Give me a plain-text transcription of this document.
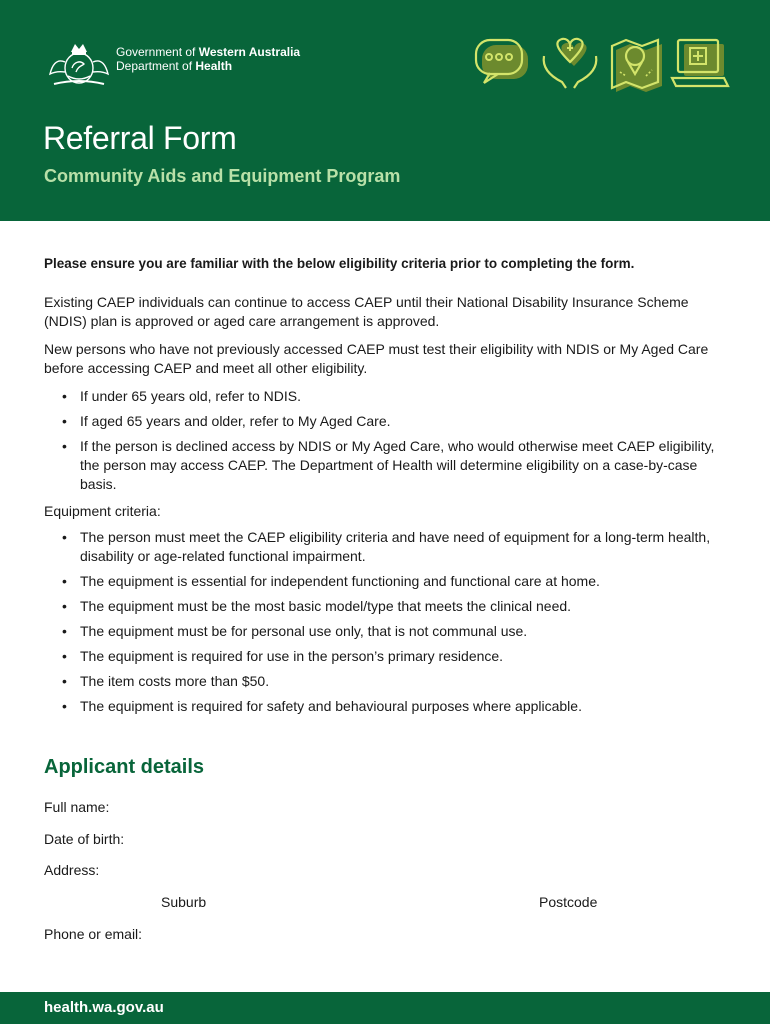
Government of Western Australia
Department of Health
Referral Form
Community Aids and Equipment Program

Please ensure you are familiar with the below eligibility criteria prior to completing the form.

Existing CAEP individuals can continue to access CAEP until their National Disability Insurance Scheme (NDIS) plan is approved or aged care arrangement is approved.

New persons who have not previously accessed CAEP must test their eligibility with NDIS or My Aged Care before accessing CAEP and meet all other eligibility.

• If under 65 years old, refer to NDIS.
• If aged 65 years and older, refer to My Aged Care.
• If the person is declined access by NDIS or My Aged Care, who would otherwise meet CAEP eligibility, the person may access CAEP. The Department of Health will determine eligibility on a case-by-case basis.

Equipment criteria:

• The person must meet the CAEP eligibility criteria and have need of equipment for a long-term health, disability or age-related functional impairment.
• The equipment is essential for independent functioning and functional care at home.
• The equipment must be the most basic model/type that meets the clinical need.
• The equipment must be for personal use only, that is not communal use.
• The equipment is required for use in the person’s primary residence.
• The item costs more than $50.
• The equipment is required for safety and behavioural purposes where applicable.
Applicant details
Full name:
Date of birth:
Address:
Suburb	Postcode
Phone or email:
health.wa.gov.au
